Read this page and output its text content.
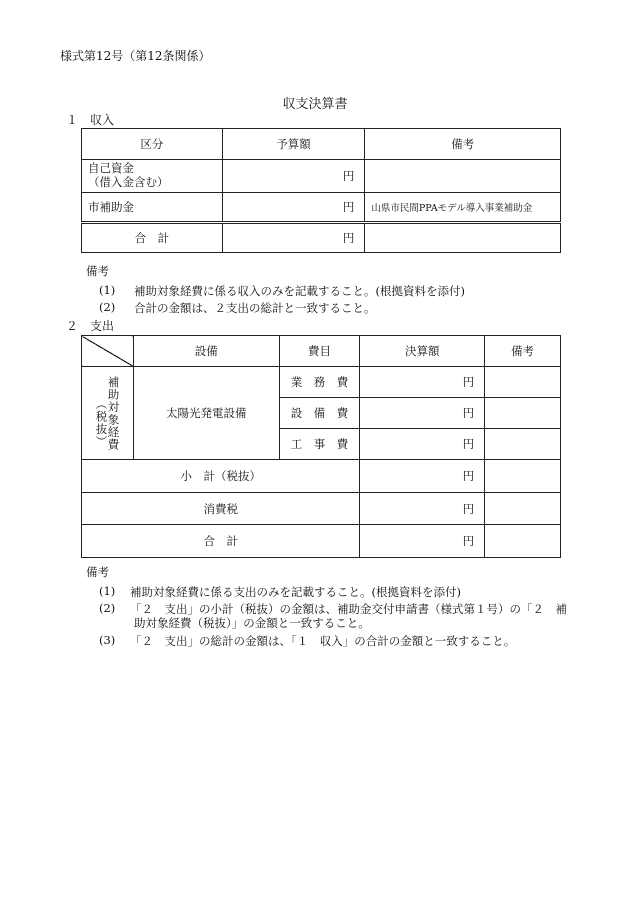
様式第12号（第12条関係）
収支決算書
１　収入
区分	予算額	備考

自己資金
（借入金含む）	円	
市補助金	円	山県市民間PPAモデル導入事業補助金
合　計	円	
備考
(1) 補助対象経費に係る収入のみを記載すること。(根拠資料を添付)
(2) 合計の金額は、２支出の総計と一致すること。
２　支出
	設備	費目	決算額	備考

補助対象経費
（税抜）	太陽光発電設備	業　務　費	円	
		設　備　費	円	
		工　事　費	円	
小　計（税抜）			円	
消費税			円	
合　計			円	
備考
(1) 補助対象経費に係る支出のみを記載すること。(根拠資料を添付)
(2) 「２　支出」の小計（税抜）の金額は、補助金交付申請書（様式第１号）の「２　補
助対象経費（税抜）」の金額と一致すること。
(3) 「２　支出」の総計の金額は、「１　収入」の合計の金額と一致すること。
